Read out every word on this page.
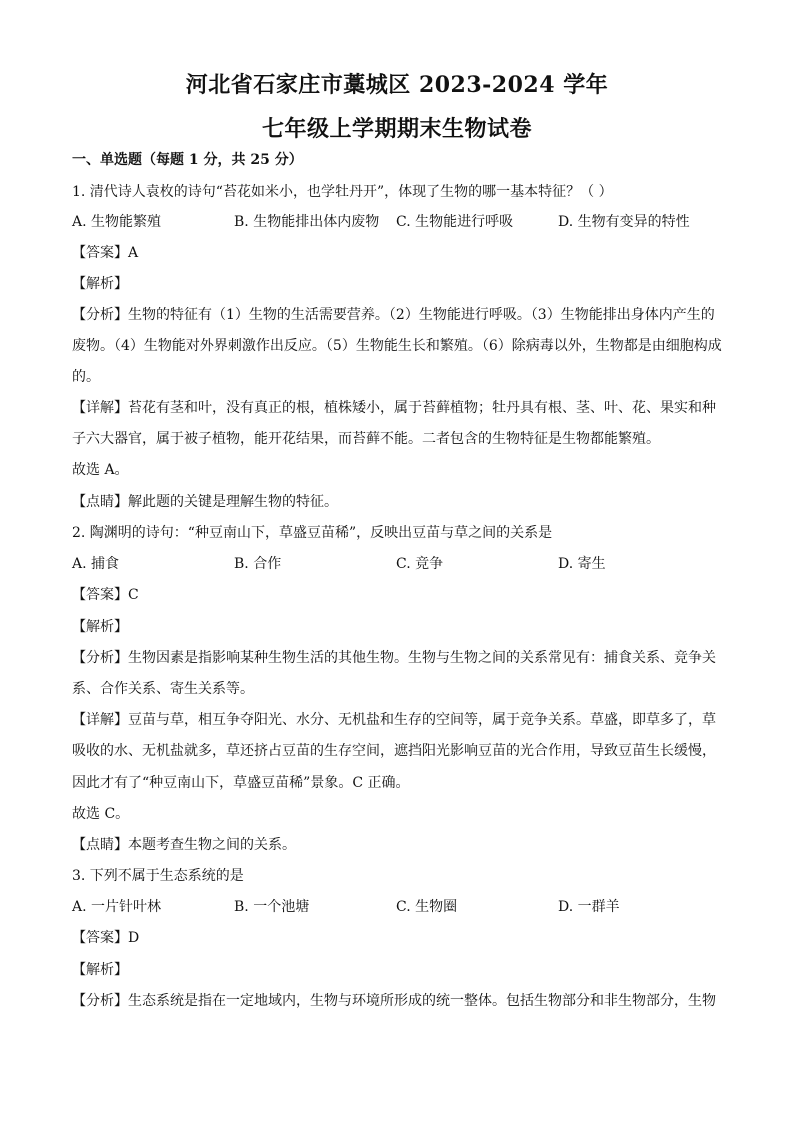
河北省石家庄市藁城区 2023-2024 学年
七年级上学期期末生物试卷
一、单选题（每题 1 分，共 25 分）
1. 清代诗人袁枚的诗句“苔花如米小，也学牡丹开”，体现了生物的哪一基本特征？（ ）
A. 生物能繁殖	B. 生物能排出体内废物 C. 生物能进行呼吸	D. 生物有变异的特性
【答案】A
【解析】
【分析】生物的特征有（1）生物的生活需要营养。（2）生物能进行呼吸。（3）生物能排出身体内产生的
废物。（4）生物能对外界刺激作出反应。（5）生物能生长和繁殖。（6）除病毒以外，生物都是由细胞构成
的。
【详解】苔花有茎和叶，没有真正的根，植株矮小，属于苔藓植物；牡丹具有根、茎、叶、花、果实和种
子六大器官，属于被子植物，能开花结果，而苔藓不能。二者包含的生物特征是生物都能繁殖。
故选 A。
【点睛】解此题的关键是理解生物的特征。
2. 陶渊明的诗句：“种豆南山下，草盛豆苗稀”，反映出豆苗与草之间的关系是
A. 捕食	B. 合作	C. 竞争	D. 寄生
【答案】C
【解析】
【分析】生物因素是指影响某种生物生活的其他生物。生物与生物之间的关系常见有：捕食关系、竞争关
系、合作关系、寄生关系等。
【详解】豆苗与草，相互争夺阳光、水分、无机盐和生存的空间等，属于竞争关系。草盛，即草多了，草
吸收的水、无机盐就多，草还挤占豆苗的生存空间，遮挡阳光影响豆苗的光合作用，导致豆苗生长缓慢，
因此才有了“种豆南山下，草盛豆苗稀”景象。C 正确。
故选 C。
【点睛】本题考查生物之间的关系。
3. 下列不属于生态系统的是
A. 一片针叶林	B. 一个池塘	C. 生物圈	D. 一群羊
【答案】D
【解析】
【分析】生态系统是指在一定地域内，生物与环境所形成的统一整体。包括生物部分和非生物部分，生物
